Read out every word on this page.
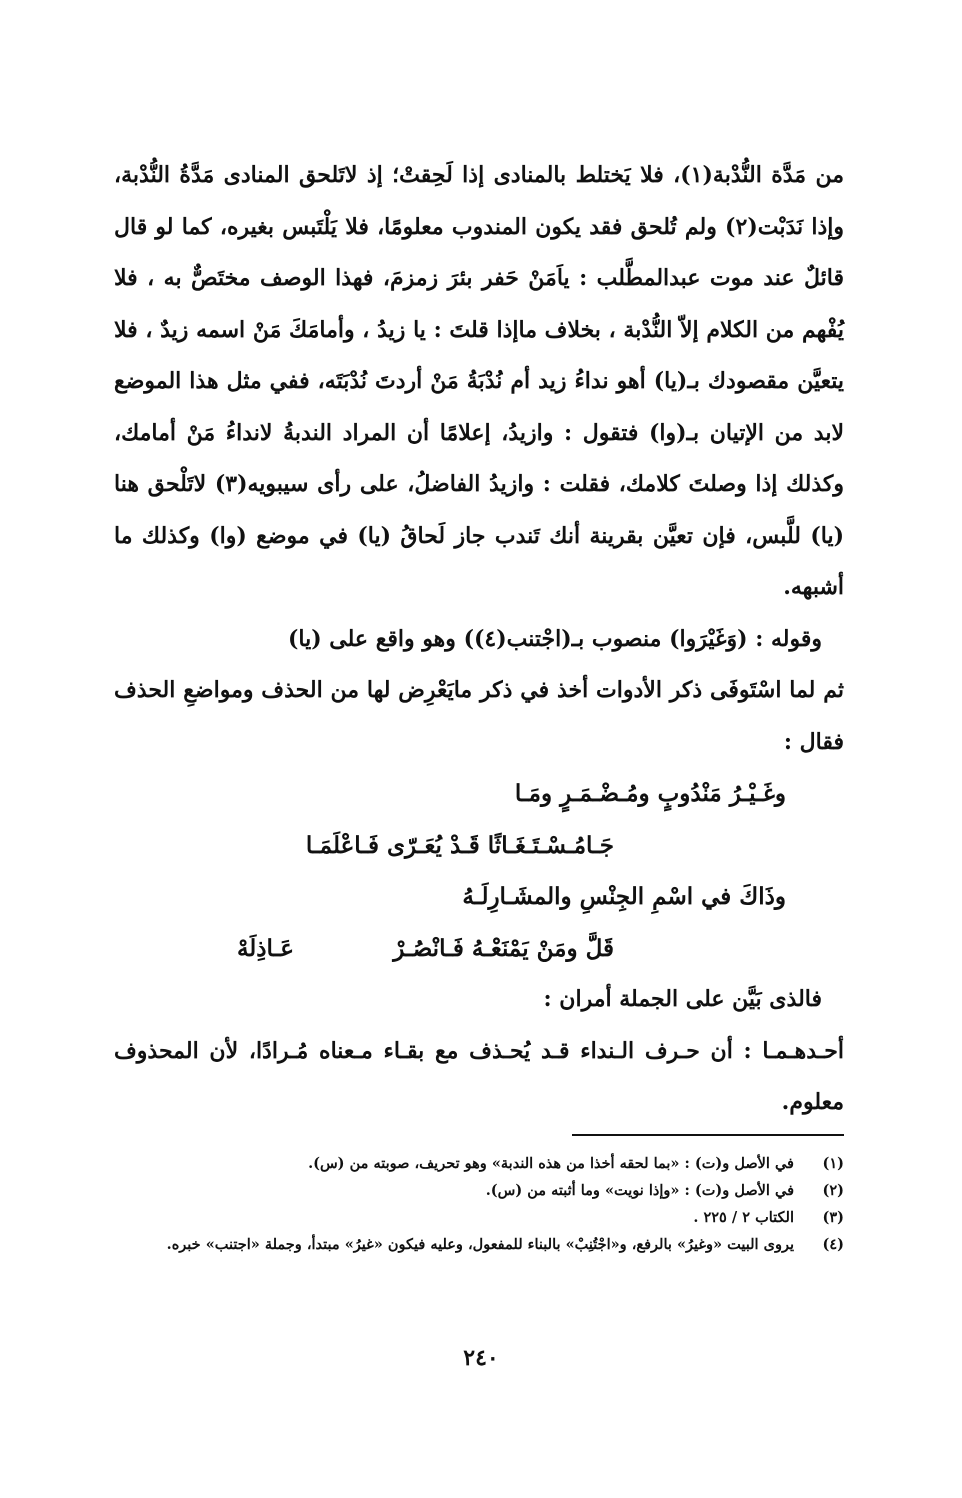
من مَدَّة النُّدْبة(١)، فلا يَختلط بالمنادى إذا لَحِقتْ؛ إذ لاتَلحق المنادى مَدَّةُ النُّدْبة، وإذا نَدَبْت(٢) ولم تُلحق فقد يكون المندوب معلومًا، فلا يَلْتَبس بغيره، كما لو قال قائلٌ عند موت عبدالمطَّلب : ياَمَنْ حَفر بئرَ زمزمَ، فهذا الوصف مختَصٌّ به ، فلا يُفْهم من الكلام إلاّ النُّدْبة ، بخلاف ماإذا قلتَ : يا زيدُ ، وأمامَكَ مَنْ اسمه زيدٌ ، فلا يتعيَّن مقصودك بـ(يا) أهو نداءُ زيد أم نُدْبَةُ مَنْ أردتَ نُدْبَتَه، ففي مثل هذا الموضع لابد من الإتيان بـ(وا) فتقول : وازيدُ، إعلامًا أن المراد الندبةُ لانداءُ مَنْ أمامك، وكذلك إذا وصلتَ كلامك، فقلت : وازيدُ الفاضلُ، على رأى سيبويه(٣) لاتَلْحق هنا (يا) للَّبس، فإن تعيَّن بقرينة أنك تَندب جاز لَحاقُ (يا) في موضع (وا) وكذلك ما أشبهه.

وقوله : (وَغَيْرَوا) منصوب بـ(اجْتنب(٤)) وهو واقع على (يا)

ثم لما اسْتَوفَى ذكر الأدوات أخذ في ذكر مايَعْرِض لها من الحذف ومواضعِ الحذف فقال :

وغَـيْـرُ مَنْدُوبٍ ومُـضْـمَـرٍ ومَـا
جَـامُـسْـتَـغَـاثًا قَـدْ يُعَـرّى فَـاعْلَمَـا
وذَاكَ في اسْمِ الجِنْسِ والمشَـارِلَـهُ
قَلَّ ومَنْ يَمْنَعْـهُ فَـانْصُـرْ
عَـاذِلَهْ

فالذى بَيَّن على الجملة أمران :

أحـدهـمـا : أن حـرف الـنداء قـد يُحـذف مع بقـاء مـعناه مُـرادًا، لأن المحذوف معلوم.

(١)
في الأصل و(ت) : «بما لحقه أخذا من هذه الندبة» وهو تحريف، صوبته من (س).
(٢)
في الأصل و(ت) : «وإذا نويت» وما أثبته من (س).
(٣)
الكتاب ٢ / ٢٢٥ .
(٤)
يروى البيت «وغيرُ» بالرفع، و«اجْتُنِبْ» بالبناء للمفعول، وعليه فيكون «غيرُ» مبتدأ، وجملة «اجتنب» خبره.
٢٤٠
